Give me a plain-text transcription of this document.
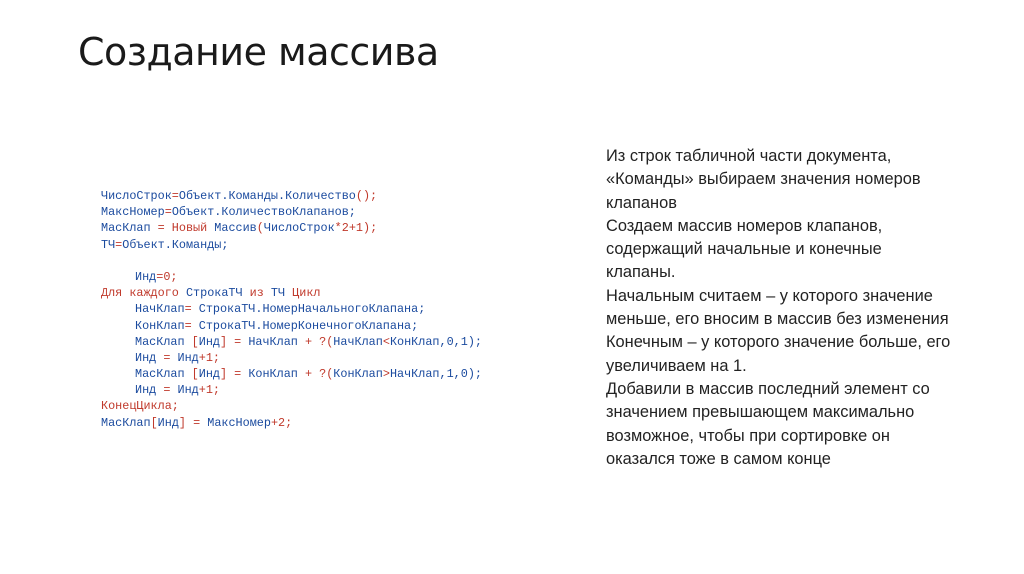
Создание массива
ЧислоСтрок=Объект.Команды.Количество();
МаксНомер=Объект.КоличествоКлапанов;
МасКлап = Новый Массив(ЧислоСтрок*2+1);
ТЧ=Объект.Команды;
Инд=0;
Для каждого СтрокаТЧ из ТЧ Цикл
НачКлап= СтрокаТЧ.НомерНачальногоКлапана;
КонКлап= СтрокаТЧ.НомерКонечногоКлапана;
МасКлап [Инд] = НачКлап + ?(НачКлап<КонКлап,0,1);
Инд = Инд+1;
МасКлап [Инд] = КонКлап + ?(КонКлап>НачКлап,1,0);
Инд = Инд+1;
КонецЦикла;
МасКлап[Инд] = МаксНомер+2;

Из строк табличной части документа, «Команды» выбираем значения номеров клапанов

Создаем массив номеров клапанов, содержащий начальные и конечные клапаны.

Начальным считаем – у которого значение меньше, его вносим в массив без изменения

Конечным – у которого значение больше, его увеличиваем на 1.

Добавили в массив последний элемент со значением превышающем максимально возможное, чтобы при сортировке он оказался тоже в самом конце
